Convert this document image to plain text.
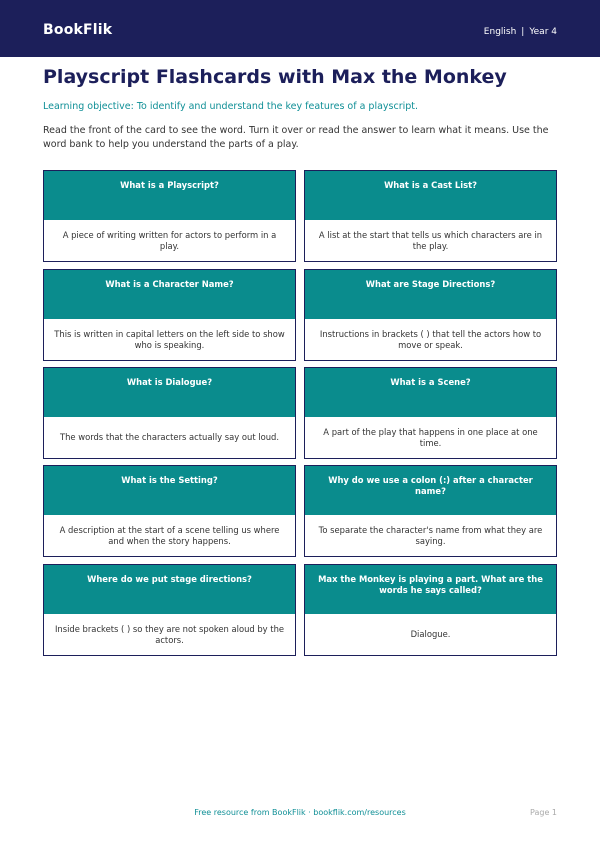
BookFlik	English | Year 4
Playscript Flashcards with Max the Monkey

Learning objective: To identify and understand the key features of a playscript.

Read the front of the card to see the word. Turn it over or read the answer to learn what it means. Use the word bank to help you understand the parts of a play.

What is a Playscript?
A piece of writing written for actors to perform in a play.
What is a Cast List?
A list at the start that tells us which characters are in the play.
What is a Character Name?
This is written in capital letters on the left side to show who is speaking.
What are Stage Directions?
Instructions in brackets ( ) that tell the actors how to move or speak.
What is Dialogue?
The words that the characters actually say out loud.
What is a Scene?
A part of the play that happens in one place at one time.
What is the Setting?
A description at the start of a scene telling us where and when the story happens.
Why do we use a colon (:) after a character name?
To separate the character's name from what they are saying.
Where do we put stage directions?
Inside brackets ( ) so they are not spoken aloud by the actors.
Max the Monkey is playing a part. What are the words he says called?
Dialogue.
Free resource from BookFlik · bookflik.com/resources	Page 1
